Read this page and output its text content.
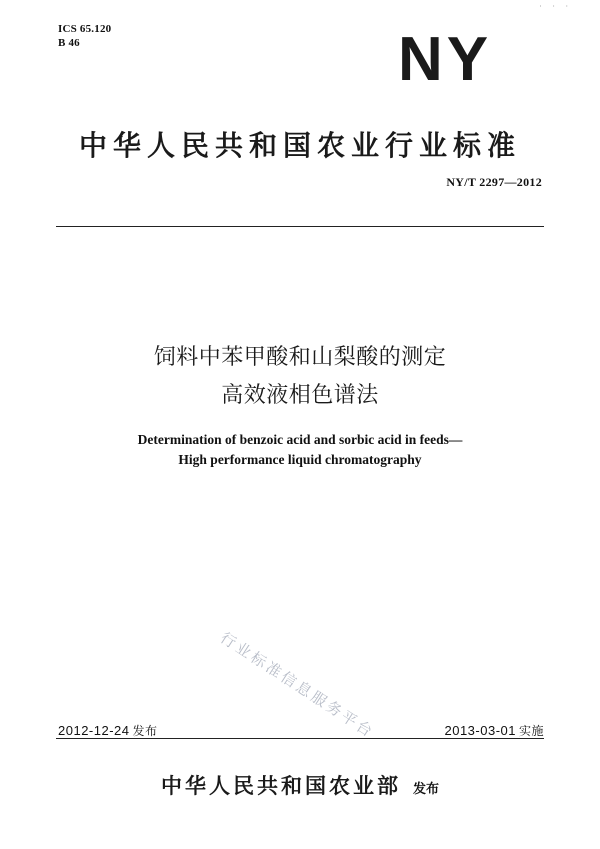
· · ·
ICS 65.120
B 46	NY
中华人民共和国农业行业标准
NY/T 2297—2012
饲料中苯甲酸和山梨酸的测定
高效液相色谱法
Determination of benzoic acid and sorbic acid in feeds—
High performance liquid chromatography
行业标准信息服务平台
2012-12-24 发布	2013-03-01 实施
中华人民共和国农业部 发布
